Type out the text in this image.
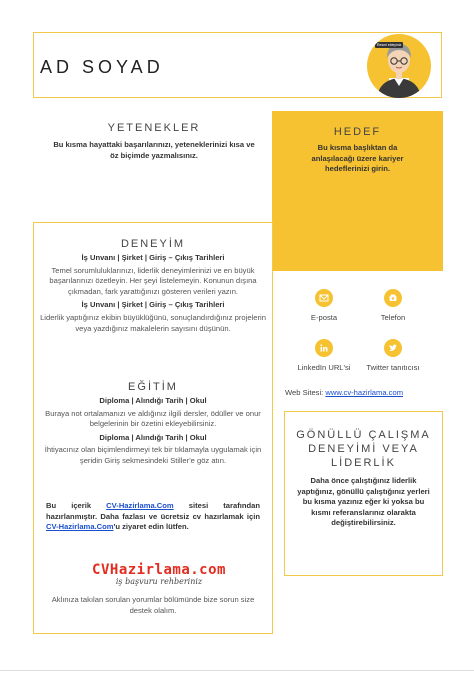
AD SOYAD
Resmi ekleyiniz
YETENEKLER
Bu kısma hayattaki başarılarınızı, yeteneklerinizi kısa ve öz biçimde yazmalısınız.
HEDEF
Bu kısma başlıktan da anlaşılacağı üzere kariyer hedeflerinizi girin.
DENEYİM
İş Unvanı | Şirket | Giriş – Çıkış Tarihleri
Temel sorumluluklarınızı, liderlik deneyimlerinizi ve en büyük başarılarınızı özetleyin. Her şeyi listelemeyin. Konunun dışına çıkmadan, fark yarattığınızı gösteren verileri yazın.
İş Unvanı | Şirket | Giriş – Çıkış Tarihleri
Liderlik yaptığınız ekibin büyüklüğünü, sonuçlandırdığınız projelerin veya yazdığınız makalelerin sayısını düşünün.
EĞİTİM
Diploma | Alındığı Tarih | Okul
Buraya not ortalamanızı ve aldığınız ilgili dersler, ödüller ve onur belgelerinin bir özetini ekleyebilirsiniz.
Diploma | Alındığı Tarih | Okul
İhtiyacınız olan biçimlendirmeyi tek bir tıklamayla uygulamak için şeridin Giriş sekmesindeki Stiller'e göz atın.
Bu içerik CV-Hazirlama.Com sitesi tarafından hazırlanmıştır. Daha fazlası ve ücretsiz cv hazırlamak için CV-Hazirlama.Com'u ziyaret edin lütfen.
CVHazirlama.com
iş başvuru rehberiniz
Aklınıza takılan sorulan yorumlar bölümünde bize sorun size destek olalım.
E-posta	Telefon
LinkedIn URL'si	Twitter tanıtıcısı
Web Sitesi: www.cv-hazirlama.com
GÖNÜLLÜ ÇALIŞMA DENEYİMİ VEYA LİDERLİK
Daha önce çalıştığınız liderlik yaptığınız, gönüllü çalıştığınız yerleri bu kısma yazınız eğer ki yoksa bu kısmı referanslarınız olarakta değiştirebilirsiniz.
